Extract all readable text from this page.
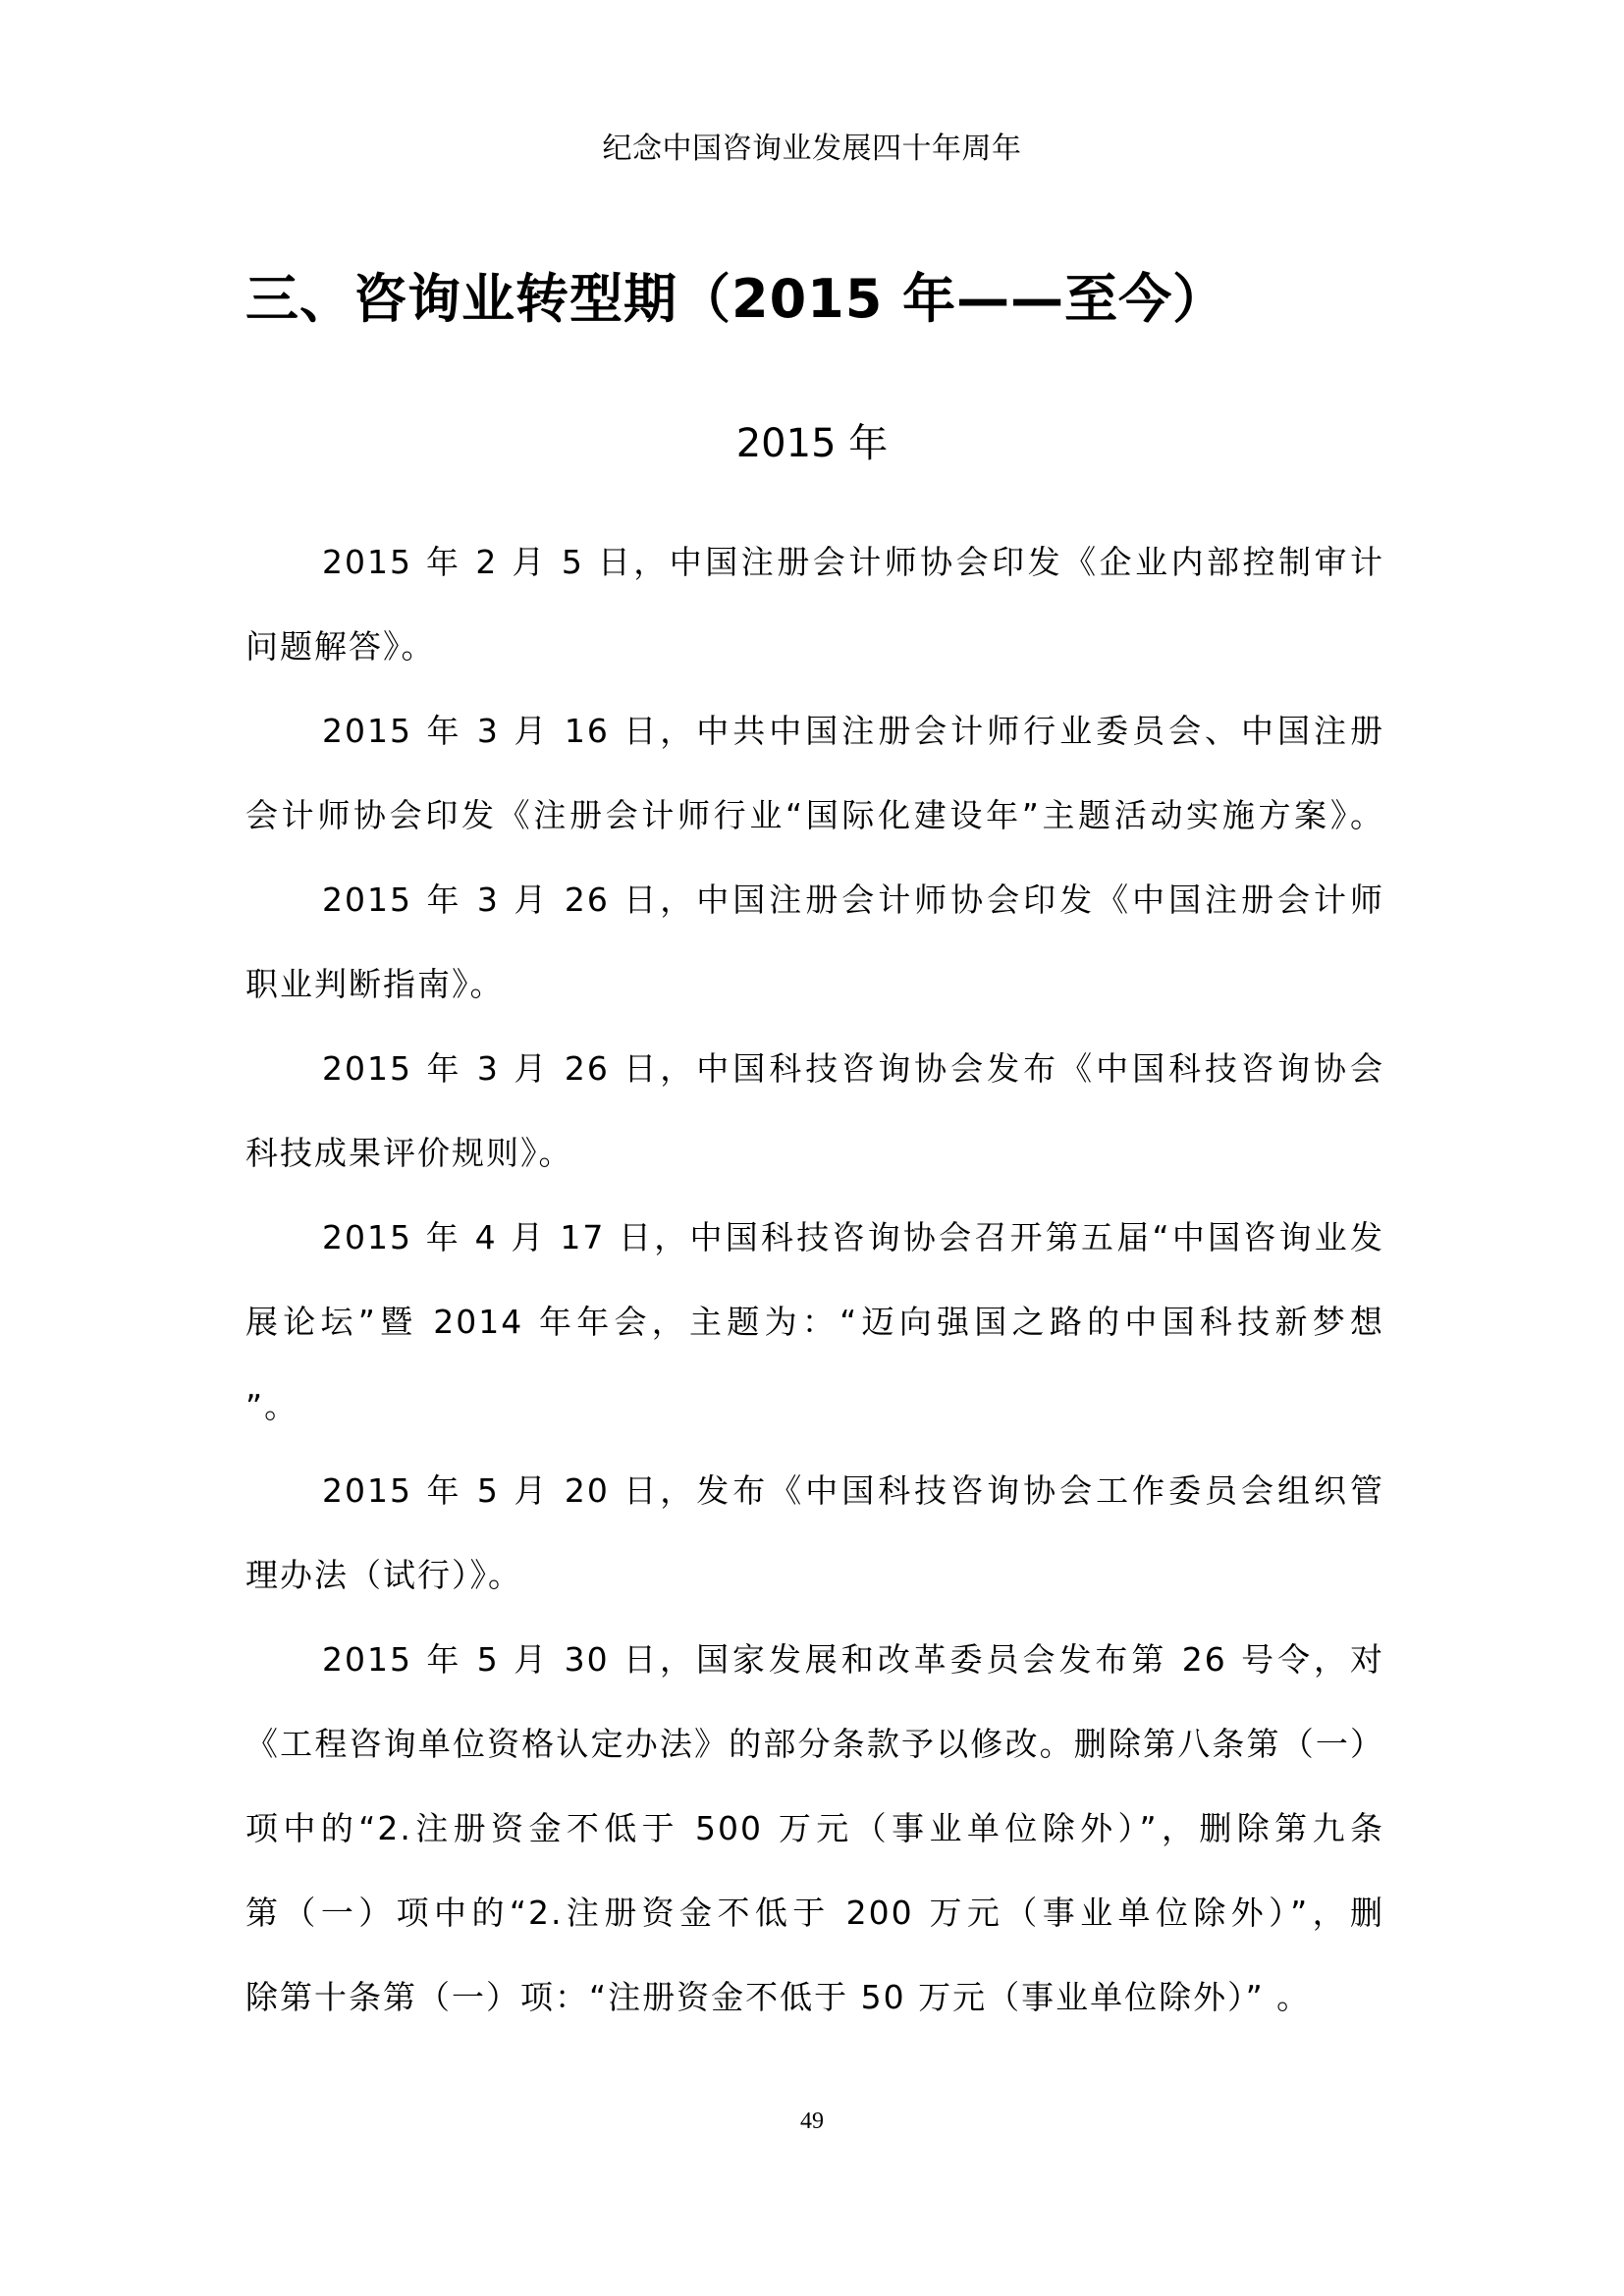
纪念中国咨询业发展四十年周年
三、咨询业转型期（2015 年——至今）
2015 年
2015 年 2 月 5 日，中国注册会计师协会印发《企业内部控制审计
问题解答》。
2015 年 3 月 16 日，中共中国注册会计师行业委员会、中国注册
会计师协会印发《注册会计师行业“国际化建设年”主题活动实施方案》。
2015 年 3 月 26 日，中国注册会计师协会印发《中国注册会计师
职业判断指南》。
2015 年 3 月 26 日，中国科技咨询协会发布《中国科技咨询协会
科技成果评价规则》。
2015 年 4 月 17 日，中国科技咨询协会召开第五届“中国咨询业发
展论坛”暨 2014 年年会，主题为：“迈向强国之路的中国科技新梦想
”。
2015 年 5 月 20 日，发布《中国科技咨询协会工作委员会组织管
理办法（试行）》。
2015 年 5 月 30 日，国家发展和改革委员会发布第 26 号令，对
《工程咨询单位资格认定办法》的部分条款予以修改。删除第八条第（一）
项中的“2.注册资金不低于 500 万元（事业单位除外）”，删除第九条
第（一）项中的“2.注册资金不低于 200 万元（事业单位除外）”，删
除第十条第（一）项：“注册资金不低于 50 万元（事业单位除外）” 。
49
